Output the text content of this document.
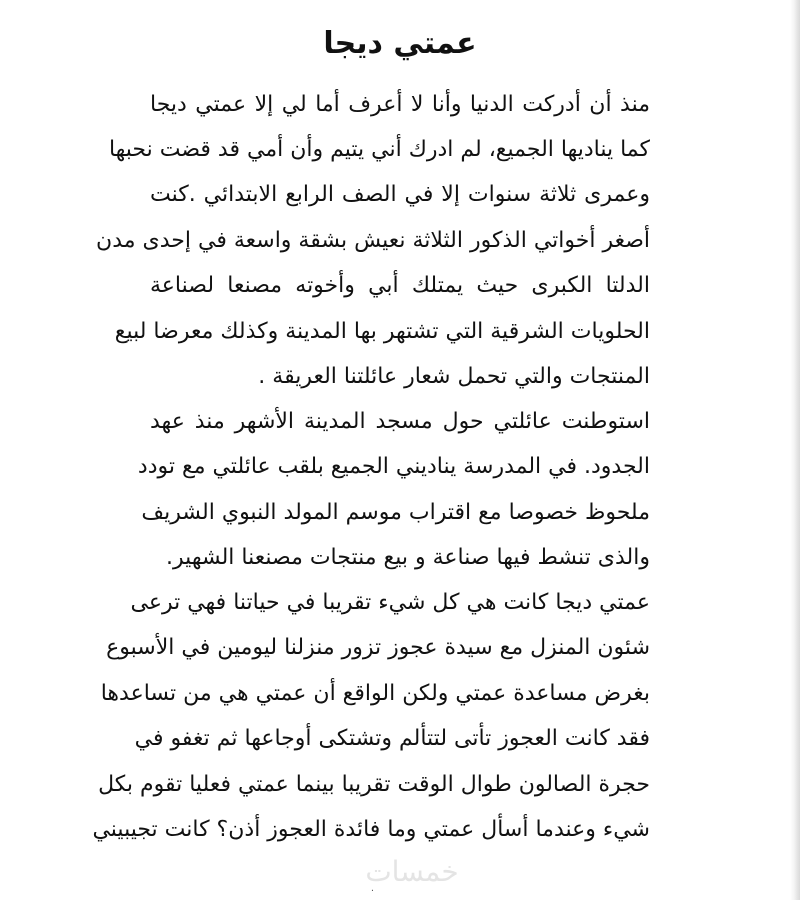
عمتي ديجا
منذ أن أدركت الدنيا وأنا لا أعرف أما لي إلا عمتي ديجا
كما يناديها الجميع، لم ادرك أني يتيم وأن أمي قد قضت نحبها
وعمرى ثلاثة سنوات إلا في الصف الرابع الابتدائي .كنت
أصغر أخواتي الذكور الثلاثة نعيش بشقة واسعة في إحدى مدن
الدلتا الكبرى حيث يمتلك أبي وأخوته مصنعا لصناعة
الحلويات الشرقية التي تشتهر بها المدينة وكذلك معرضا لبيع
المنتجات والتي تحمل شعار عائلتنا العريقة .
استوطنت عائلتي حول مسجد المدينة الأشهر منذ عهد
الجدود. في المدرسة يناديني الجميع بلقب عائلتي مع تودد
ملحوظ خصوصا مع اقتراب موسم المولد النبوي الشريف
والذى تنشط فيها صناعة و بيع منتجات مصنعنا الشهير.
عمتي ديجا كانت هي كل شيء تقريبا في حياتنا فهي ترعى
شئون المنزل مع سيدة عجوز تزور منزلنا ليومين في الأسبوع
بغرض مساعدة عمتي ولكن الواقع أن عمتي هي من تساعدها
فقد كانت العجوز تأتى لتتألم وتشتكى أوجاعها ثم تغفو في
حجرة الصالون طوال الوقت تقريبا بينما عمتي فعليا تقوم بكل
شيء وعندما أسأل عمتي وما فائدة العجوز أذن؟ كانت تجيبيني
خمسات
·
